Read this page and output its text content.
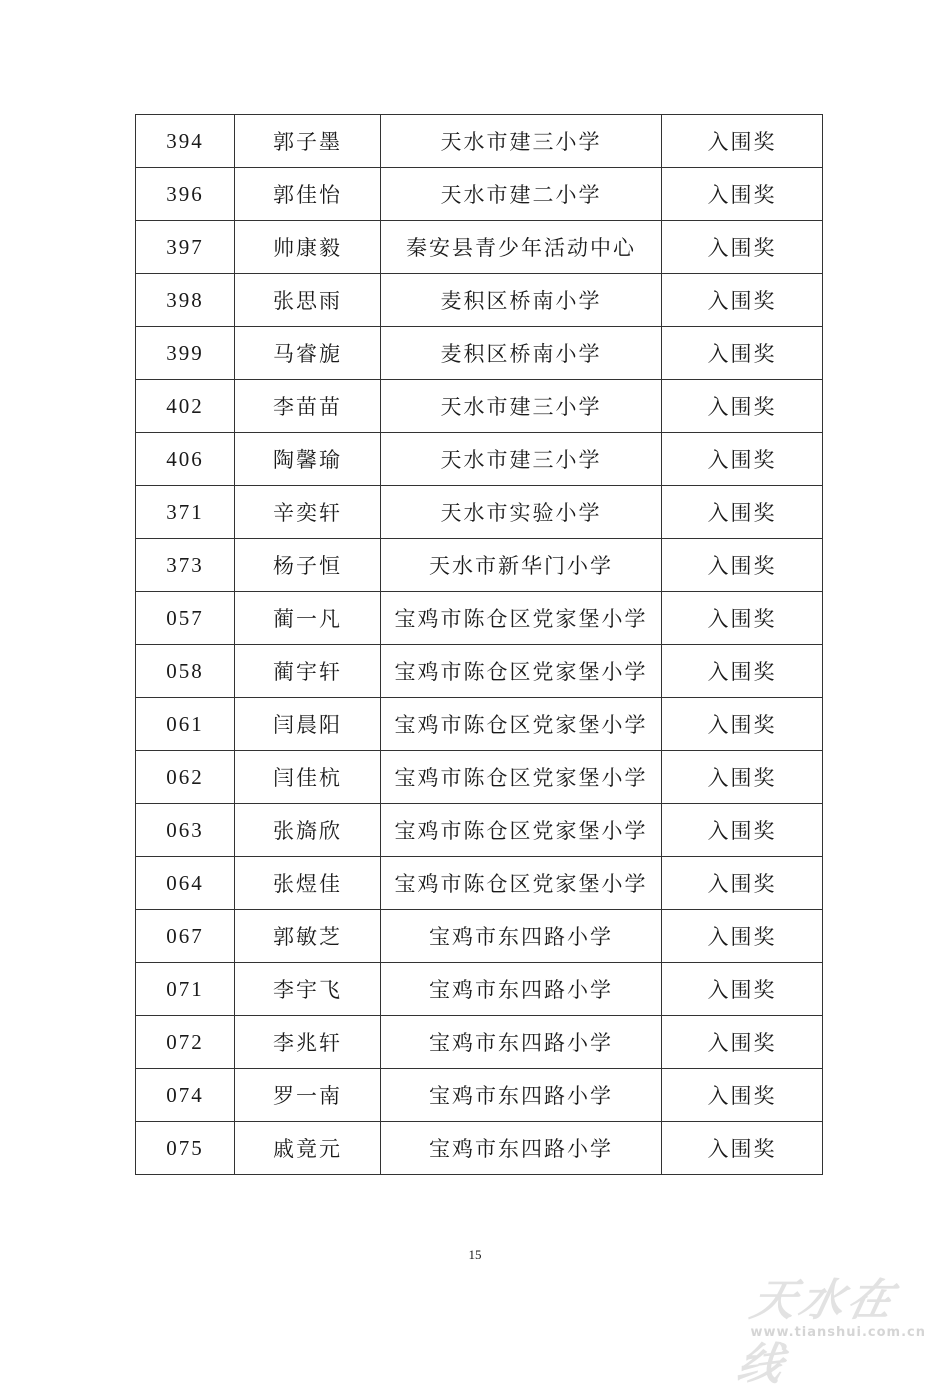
394	郭子墨	天水市建三小学	入围奖
396	郭佳怡	天水市建二小学	入围奖
397	帅康毅	秦安县青少年活动中心	入围奖
398	张思雨	麦积区桥南小学	入围奖
399	马睿旎	麦积区桥南小学	入围奖
402	李苗苗	天水市建三小学	入围奖
406	陶馨瑜	天水市建三小学	入围奖
371	辛奕轩	天水市实验小学	入围奖
373	杨子恒	天水市新华门小学	入围奖
057	蔺一凡	宝鸡市陈仓区党家堡小学	入围奖
058	蔺宇轩	宝鸡市陈仓区党家堡小学	入围奖
061	闫晨阳	宝鸡市陈仓区党家堡小学	入围奖
062	闫佳杭	宝鸡市陈仓区党家堡小学	入围奖
063	张旖欣	宝鸡市陈仓区党家堡小学	入围奖
064	张煜佳	宝鸡市陈仓区党家堡小学	入围奖
067	郭敏芝	宝鸡市东四路小学	入围奖
071	李宇飞	宝鸡市东四路小学	入围奖
072	李兆轩	宝鸡市东四路小学	入围奖
074	罗一南	宝鸡市东四路小学	入围奖
075	戚竟元	宝鸡市东四路小学	入围奖
15
天水在线
www.tianshui.com.cn
